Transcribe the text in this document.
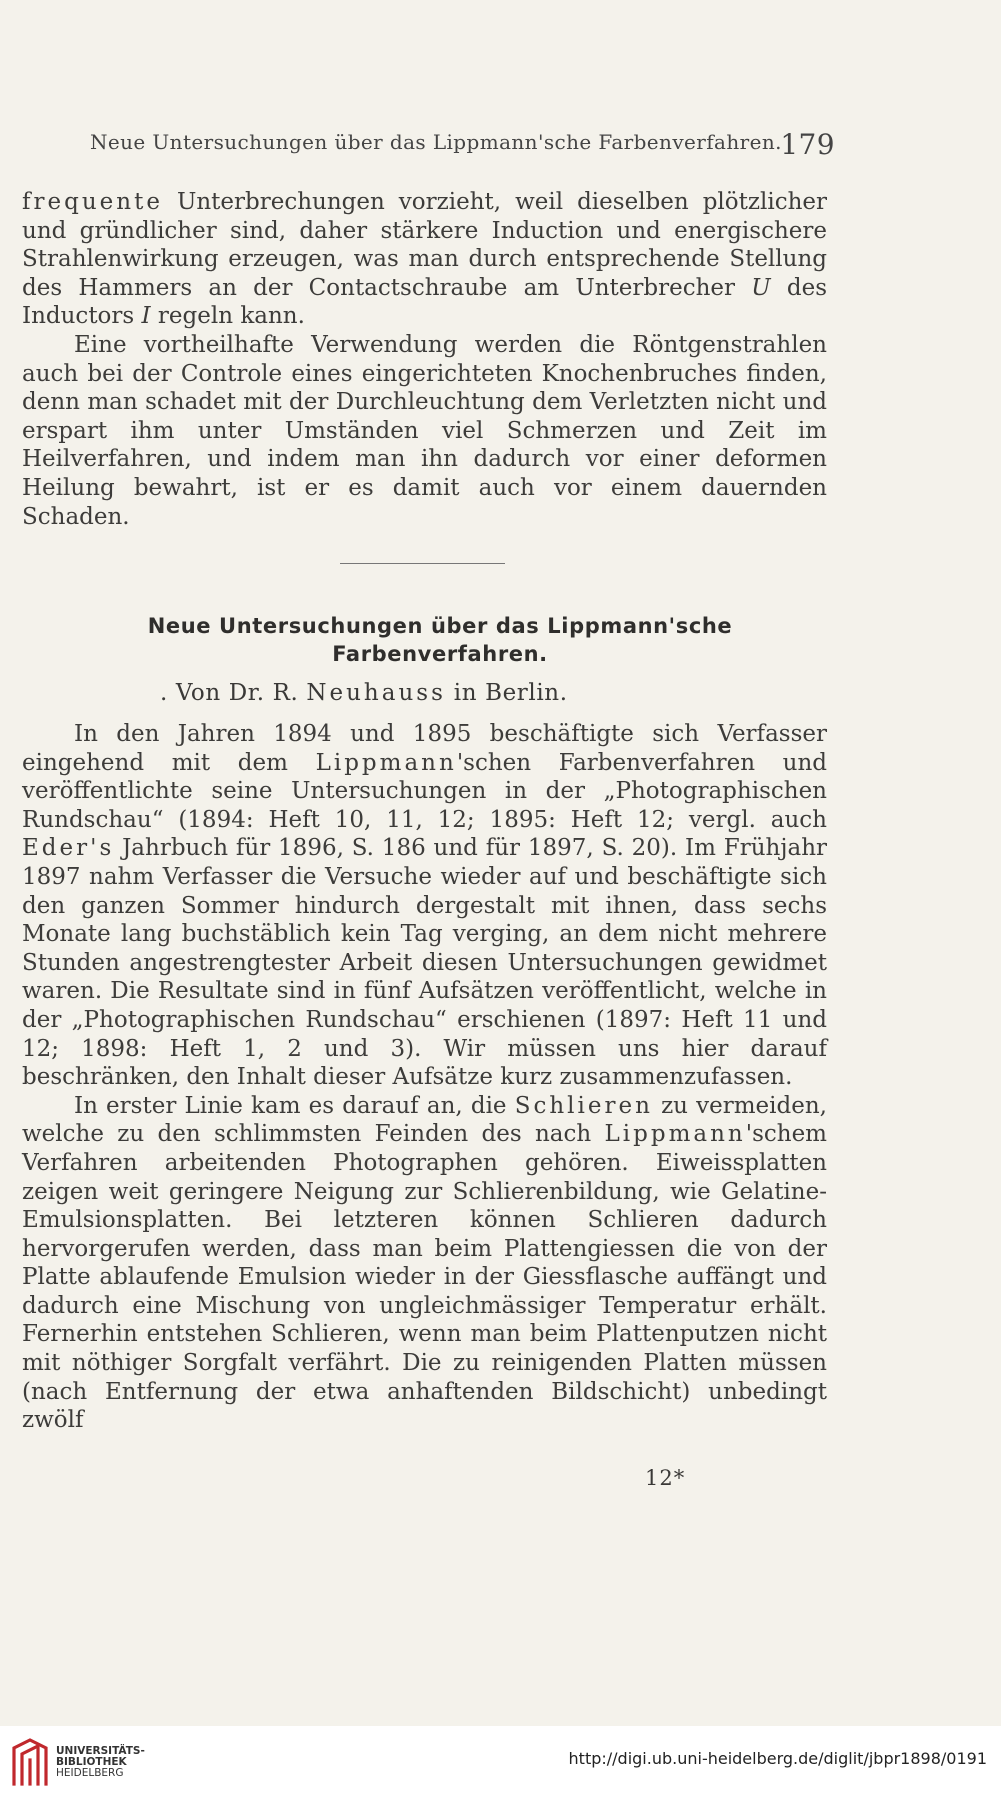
Neue Untersuchungen über das Lippmann'sche Farbenverfahren.
179

frequente Unterbrechungen vorzieht, weil dieselben plötzlicher und gründlicher sind, daher stärkere Induction und energischere Strahlenwirkung erzeugen, was man durch entsprechende Stellung des Hammers an der Contactschraube am Unterbrecher U des Inductors I regeln kann.

Eine vortheilhafte Verwendung werden die Röntgenstrahlen auch bei der Controle eines eingerichteten Knochenbruches finden, denn man schadet mit der Durchleuchtung dem Verletzten nicht und erspart ihm unter Umständen viel Schmerzen und Zeit im Heilverfahren, und indem man ihn dadurch vor einer deformen Heilung bewahrt, ist er es damit auch vor einem dauernden Schaden.

Neue Untersuchungen über das Lippmann'sche
Farbenverfahren.
. Von Dr. R. Neuhauss in Berlin.

In den Jahren 1894 und 1895 beschäftigte sich Verfasser eingehend mit dem Lippmann'schen Farbenverfahren und veröffentlichte seine Untersuchungen in der „Photographischen Rundschau“ (1894: Heft 10, 11, 12; 1895: Heft 12; vergl. auch Eder's Jahrbuch für 1896, S. 186 und für 1897, S. 20). Im Frühjahr 1897 nahm Verfasser die Versuche wieder auf und beschäftigte sich den ganzen Sommer hindurch dergestalt mit ihnen, dass sechs Monate lang buchstäblich kein Tag verging, an dem nicht mehrere Stunden angestrengtester Arbeit diesen Untersuchungen gewidmet waren. Die Resultate sind in fünf Aufsätzen veröffentlicht, welche in der „Photographischen Rundschau“ erschienen (1897: Heft 11 und 12; 1898: Heft 1, 2 und 3). Wir müssen uns hier darauf beschränken, den Inhalt dieser Aufsätze kurz zusammenzufassen.

In erster Linie kam es darauf an, die Schlieren zu vermeiden, welche zu den schlimmsten Feinden des nach Lippmann'schem Verfahren arbeitenden Photographen gehören. Eiweissplatten zeigen weit geringere Neigung zur Schlierenbildung, wie Gelatine-Emulsionsplatten. Bei letzteren können Schlieren dadurch hervorgerufen werden, dass man beim Plattengiessen die von der Platte ablaufende Emulsion wieder in der Giessflasche auffängt und dadurch eine Mischung von ungleichmässiger Temperatur erhält. Fernerhin entstehen Schlieren, wenn man beim Plattenputzen nicht mit nöthiger Sorgfalt verfährt. Die zu reinigenden Platten müssen (nach Entfernung der etwa anhaftenden Bildschicht) unbedingt zwölf

12*
UNIVERSITÄTS-
BIBLIOTHEK
HEIDELBERG
http://digi.ub.uni-heidelberg.de/diglit/jbpr1898/0191
